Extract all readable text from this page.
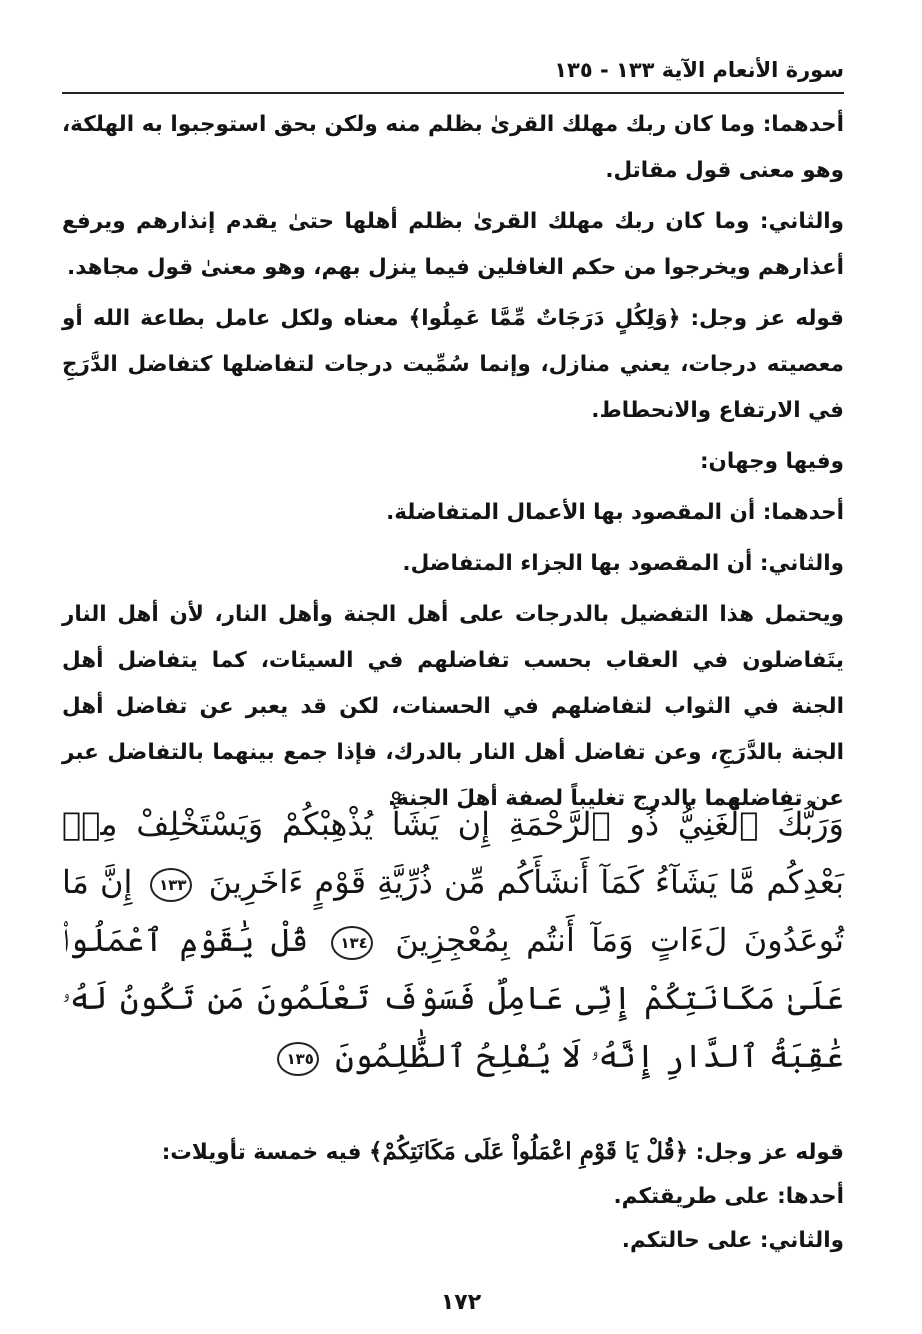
سورة الأنعام الآية ١٣٣ - ١٣٥

أحدهما: وما كان ربك مهلك القرىٰ بظلم منه ولكن بحق استوجبوا به الهلكة، وهو معنى قول مقاتل.

والثاني: وما كان ربك مهلك القرىٰ بظلم أهلها حتىٰ يقدم إنذارهم ويرفع أعذارهم ويخرجوا من حكم الغافلين فيما ينزل بهم، وهو معنىٰ قول مجاهد.

قوله عز وجل: ﴿وَلِكُلٍ دَرَجَاتٌ مِّمَّا عَمِلُوا﴾ معناه ولكل عامل بطاعة الله أو معصيته درجات، يعني منازل، وإنما سُمِّيت درجات لتفاضلها كتفاضل الدَّرَجِ في الارتفاع والانحطاط.

وفيها وجهان:

أحدهما: أن المقصود بها الأعمال المتفاضلة.

والثاني: أن المقصود بها الجزاء المتفاضل.

ويحتمل هذا التفضيل بالدرجات على أهل الجنة وأهل النار، لأن أهل النار يتَفاضلون في العقاب بحسب تفاضلهم في السيئات، كما يتفاضل أهل الجنة في الثواب لتفاضلهم في الحسنات، لكن قد يعبر عن تفاضل أهل الجنة بالدَّرَجِ، وعن تفاضل أهل النار بالدرك، فإذا جمع بينهما بالتفاضل عبر عن تفاضلهما بالدرج تغليباً لصفة أهلَ الجنة.

وَرَبُّكَ ٱلْغَنِيُّ ذُو ٱلرَّحْمَةِ إِن يَشَأْ يُذْهِبْكُمْ وَيَسْتَخْلِفْ مِنۢ بَعْدِكُم مَّا يَشَآءُ كَمَآ أَنشَأَكُم مِّن ذُرِّيَّةِ قَوْمٍ ءَاخَرِينَ ١٣٣ إِنَّ مَا تُوعَدُونَ لَءَاتٍ وَمَآ أَنتُم بِمُعْجِزِينَ ١٣٤ قُلْ يَٰقَوْمِ ٱعْمَلُوا۟ عَلَىٰ مَكَانَتِكُمْ إِنِّى عَامِلٌ فَسَوْفَ تَعْلَمُونَ مَن تَكُونُ لَهُۥ عَٰقِبَةُ ٱلدَّارِ إِنَّهُۥ لَا يُفْلِحُ ٱلظَّٰلِمُونَ ١٣٥

قوله عز وجل: ﴿قُلْ يَا قَوْمِ اعْمَلُواْ عَلَى مَكَانَتِكُمْ﴾ فيه خمسة تأويلات:

أحدها: على طريقتكم.

والثاني: على حالتكم.

١٧٢
